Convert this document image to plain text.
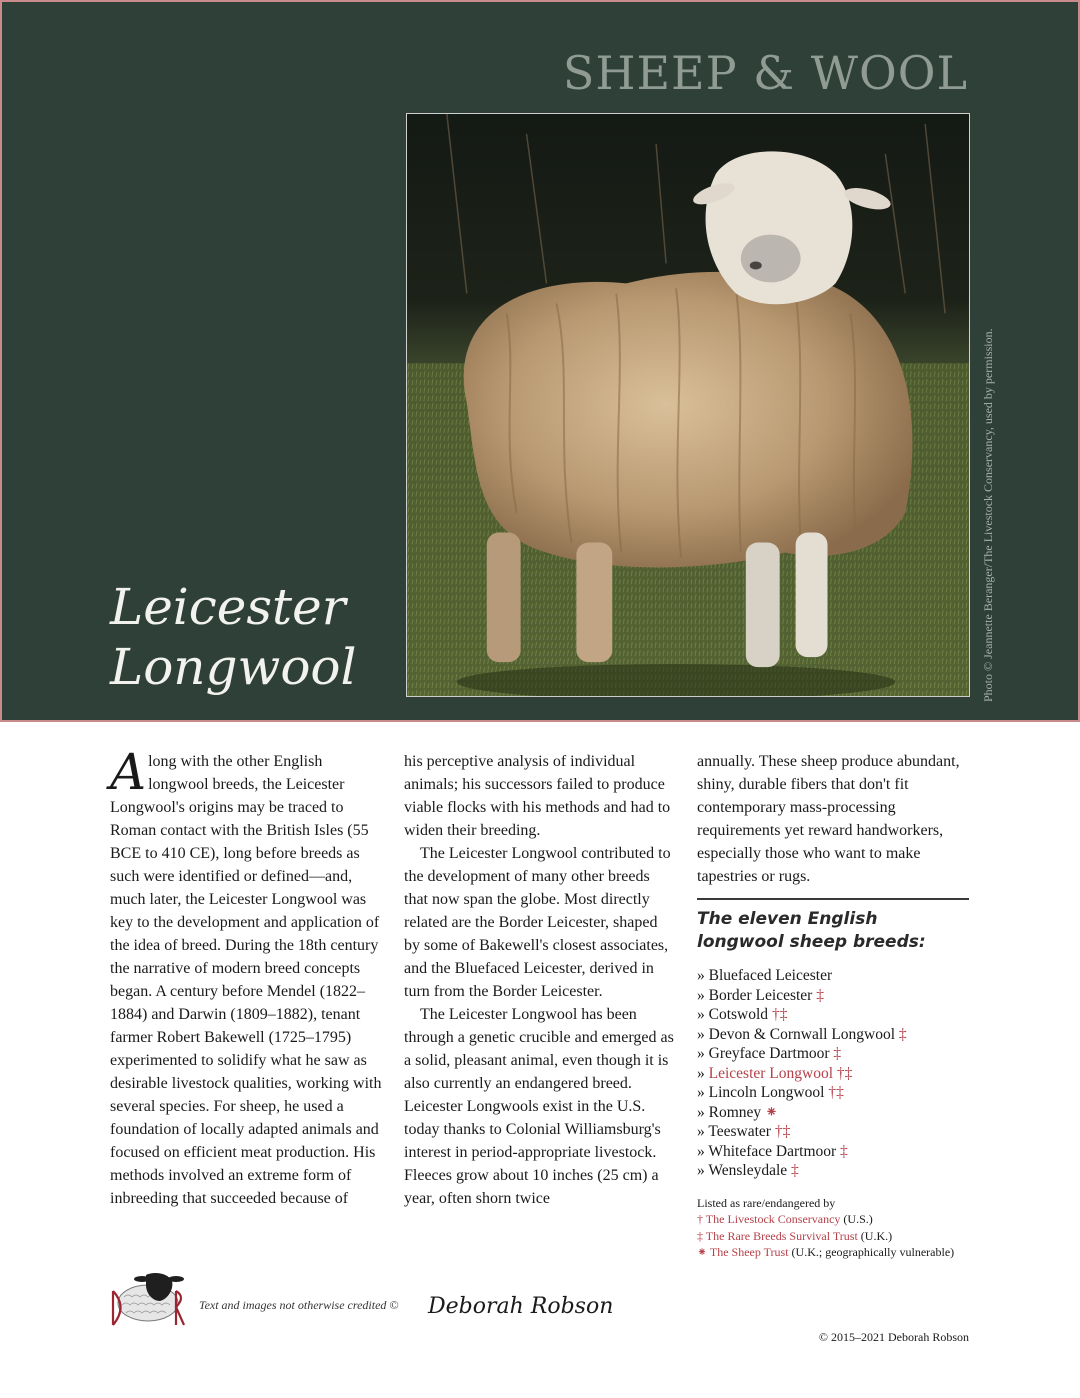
SHEEP & WOOL
Photo © Jeannette Beranger/The Livestock Conservancy, used by permission.
Leicester
Longwool

Along with the other English longwool breeds, the Leicester Longwool's origins may be traced to Roman contact with the British Isles (55 BCE to 410 CE), long before breeds as such were identified or defined—and, much later, the Leicester Longwool was key to the development and application of the idea of breed. During the 18th century the narrative of modern breed concepts began. A century before Mendel (1822–1884) and Darwin (1809–1882), tenant farmer Robert Bakewell (1725–1795) experimented to solidify what he saw as desirable livestock qualities, working with several species. For sheep, he used a foundation of locally adapted animals and focused on efficient meat production. His methods involved an extreme form of inbreeding that succeeded because of

his perceptive analysis of individual animals; his successors failed to produce viable flocks with his methods and had to widen their breeding.

The Leicester Longwool contributed to the development of many other breeds that now span the globe. Most directly related are the Border Leicester, shaped by some of Bakewell's closest associates, and the Bluefaced Leicester, derived in turn from the Border Leicester.

The Leicester Longwool has been through a genetic crucible and emerged as a solid, pleasant animal, even though it is also currently an endangered breed. Leicester Longwools exist in the U.S. today thanks to Colonial Williamsburg's interest in period-appropriate livestock. Fleeces grow about 10 inches (25 cm) a year, often shorn twice

annually. These sheep produce abundant, shiny, durable fibers that don't fit contemporary mass-processing requirements yet reward handworkers, especially those who want to make tapestries or rugs.

The eleven English longwool sheep breeds:
» Bluefaced Leicester
» Border Leicester ‡
» Cotswold †‡
» Devon & Cornwall Longwool ‡
» Greyface Dartmoor ‡
» Leicester Longwool †‡
» Lincoln Longwool †‡
» Romney ⁕
» Teeswater †‡
» Whiteface Dartmoor ‡
» Wensleydale ‡
Listed as rare/endangered by
† The Livestock Conservancy (U.S.)
‡ The Rare Breeds Survival Trust (U.K.)
⁕ The Sheep Trust (U.K.; geographically vulnerable)
Text and images not otherwise credited © Deborah Robson
© 2015–2021 Deborah Robson
